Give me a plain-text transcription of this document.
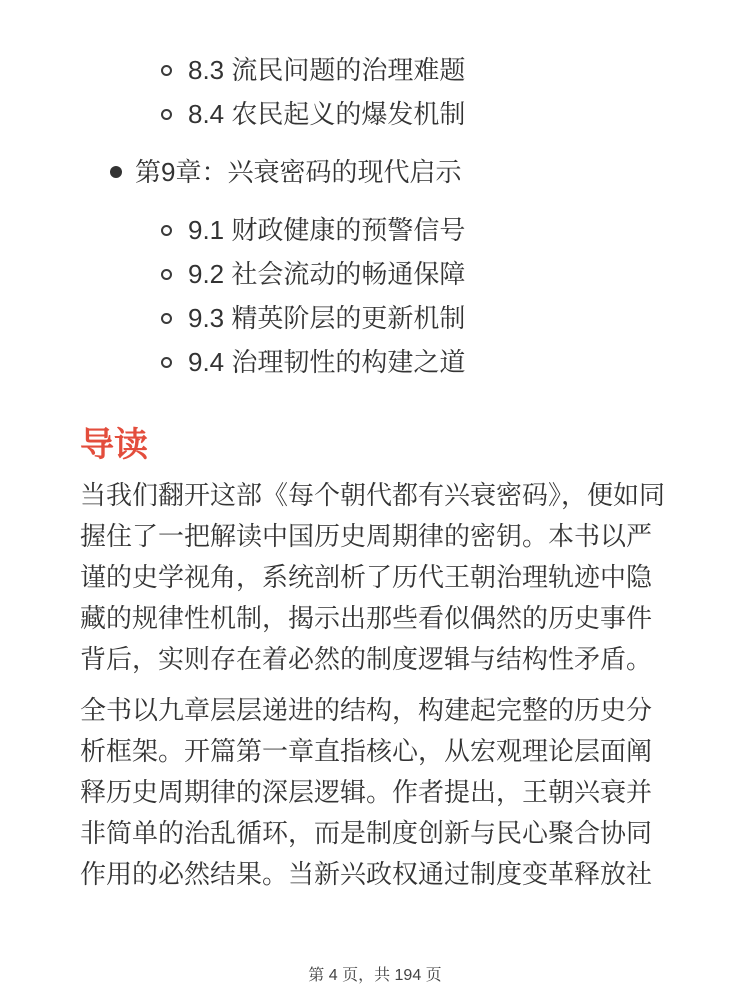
8.3 流民问题的治理难题
8.4 农民起义的爆发机制
第9章：兴衰密码的现代启示
9.1 财政健康的预警信号
9.2 社会流动的畅通保障
9.3 精英阶层的更新机制
9.4 治理韧性的构建之道
导读

当我们翻开这部《每个朝代都有兴衰密码》，便如同握住了一把解读中国历史周期律的密钥。本书以严谨的史学视角，系统剖析了历代王朝治理轨迹中隐藏的规律性机制，揭示出那些看似偶然的历史事件背后，实则存在着必然的制度逻辑与结构性矛盾。

全书以九章层层递进的结构，构建起完整的历史分析框架。开篇第一章直指核心，从宏观理论层面阐释历史周期律的深层逻辑。作者提出，王朝兴衰并非简单的治乱循环，而是制度创新与民心聚合协同作用的必然结果。当新兴政权通过制度变革释放社

第 4 页，共 194 页
